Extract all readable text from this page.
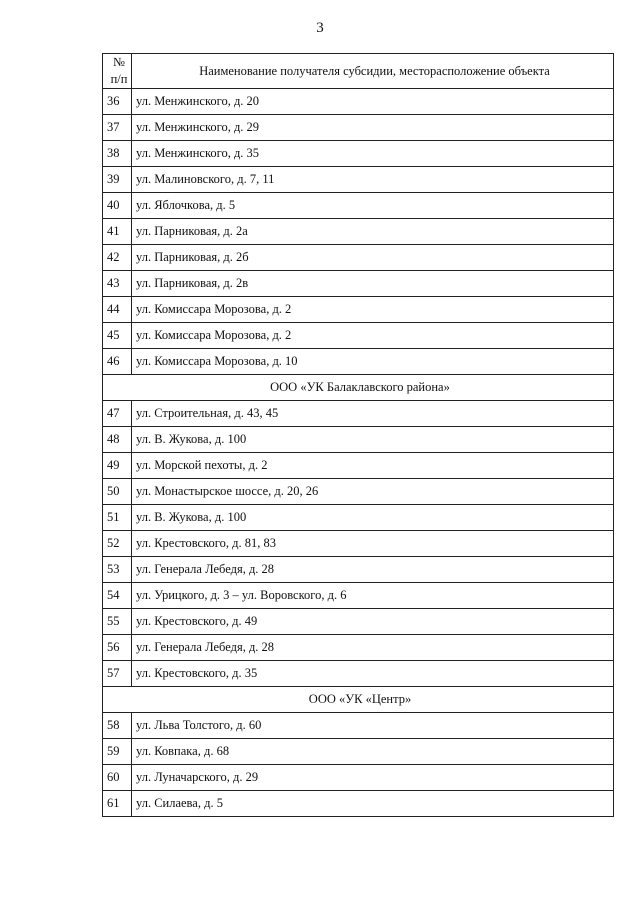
3
№
п/п	Наименование получателя субсидии, месторасположение объекта
36	ул. Менжинского, д. 20
37	ул. Менжинского, д. 29
38	ул. Менжинского, д. 35
39	ул. Малиновского, д. 7, 11
40	ул. Яблочкова, д. 5
41	ул. Парниковая, д. 2а
42	ул. Парниковая, д. 2б
43	ул. Парниковая, д. 2в
44	ул. Комиссара Морозова, д. 2
45	ул. Комиссара Морозова, д. 2
46	ул. Комиссара Морозова, д. 10
ООО «УК Балаклавского района»	
47	ул. Строительная, д. 43, 45
48	ул. В. Жукова, д. 100
49	ул. Морской пехоты, д. 2
50	ул. Монастырское шоссе, д. 20, 26
51	ул. В. Жукова, д. 100
52	ул. Крестовского, д. 81, 83
53	ул. Генерала Лебедя, д. 28
54	ул. Урицкого, д. 3 – ул. Воровского, д. 6
55	ул. Крестовского, д. 49
56	ул. Генерала Лебедя, д. 28
57	ул. Крестовского, д. 35
ООО «УК «Центр»	
58	ул. Льва Толстого, д. 60
59	ул. Ковпака, д. 68
60	ул. Луначарского, д. 29
61	ул. Силаева, д. 5
